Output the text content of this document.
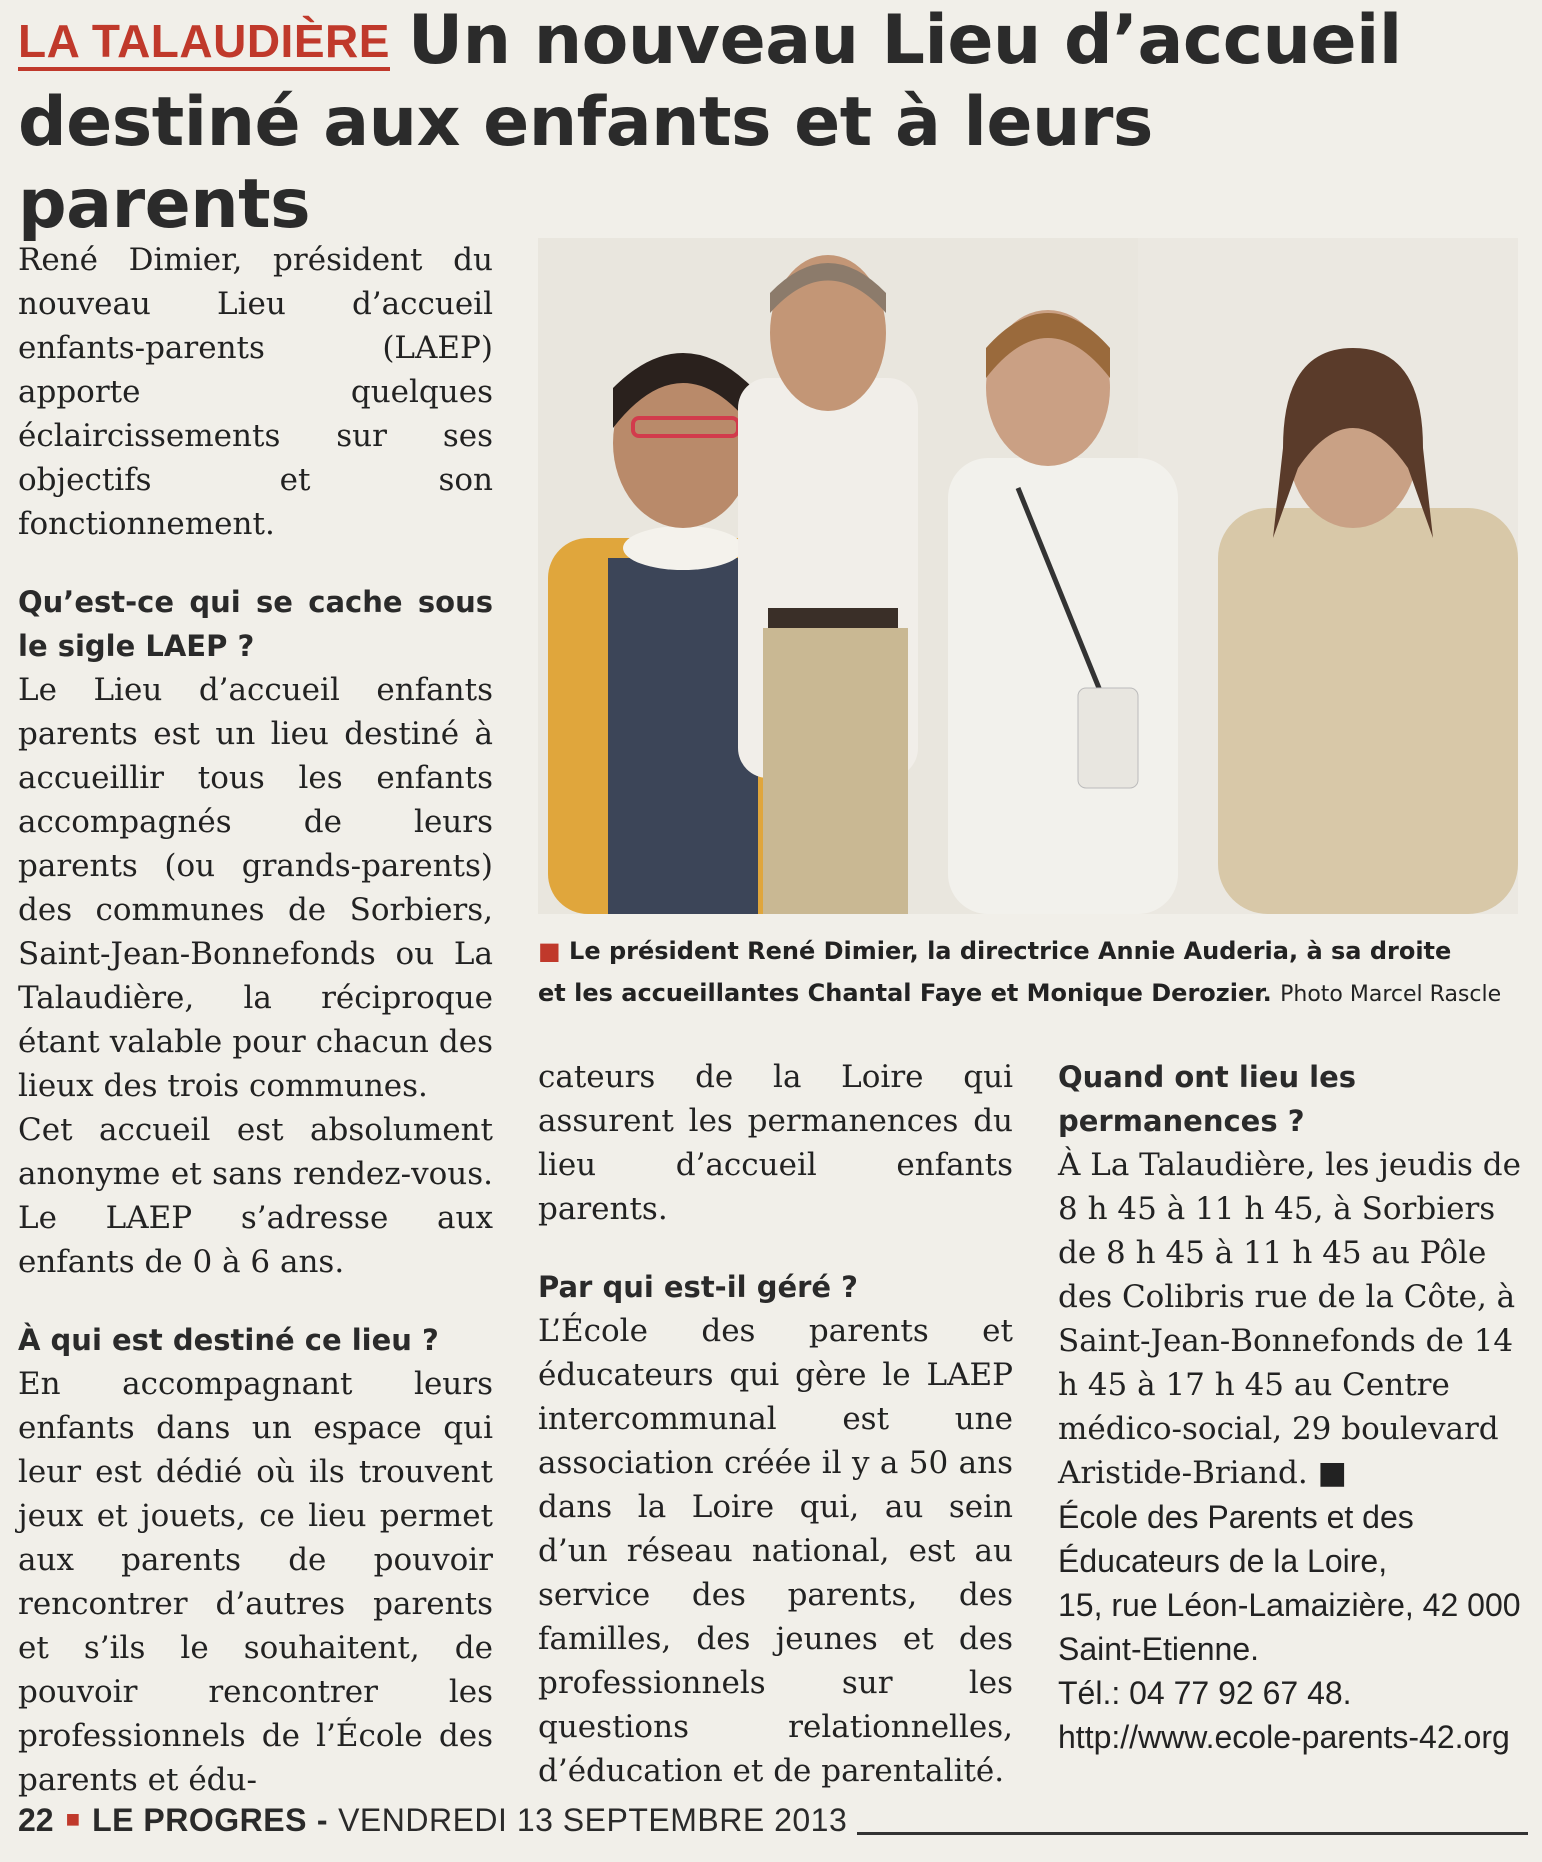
LA TALAUDIÈRE Un nouveau Lieu d’accueil
destiné aux enfants et à leurs parents

René Dimier, président du nouveau Lieu d’accueil enfants-parents (LAEP) apporte quelques éclaircissements sur ses objectifs et son fonctionnement.

Qu’est-ce qui se cache sous le sigle LAEP ?

Le Lieu d’accueil enfants parents est un lieu destiné à accueillir tous les enfants accompagnés de leurs parents (ou grands-parents) des communes de Sorbiers, Saint-Jean-Bonnefonds ou La Talaudière, la réciproque étant valable pour chacun des lieux des trois communes.

Cet accueil est absolument anonyme et sans rendez-vous. Le LAEP s’adresse aux enfants de 0 à 6 ans.

À qui est destiné ce lieu ?

En accompagnant leurs enfants dans un espace qui leur est dédié où ils trouvent jeux et jouets, ce lieu permet aux parents de pouvoir rencontrer d’autres parents et s’ils le souhaitent, de pouvoir rencontrer les professionnels de l’École des parents et édu-

■ Le président René Dimier, la directrice Annie Auderia, à sa droite
et les accueillantes Chantal Faye et Monique Derozier. Photo Marcel Rascle

cateurs de la Loire qui assurent les permanences du lieu d’accueil enfants parents.

Par qui est-il géré ?

L’École des parents et éducateurs qui gère le LAEP intercommunal est une association créée il y a 50 ans dans la Loire qui, au sein d’un réseau national, est au service des parents, des familles, des jeunes et des professionnels sur les questions relationnelles, d’éducation et de parentalité.

Quand ont lieu les permanences ?

À La Talaudière, les jeudis de 8 h 45 à 11 h 45, à Sorbiers de 8 h 45 à 11 h 45 au Pôle des Colibris rue de la Côte, à Saint-Jean-Bonnefonds de 14 h 45 à 17 h 45 au Centre médico-social, 29 boulevard Aristide-Briand. ■

École des Parents et des Éducateurs de la Loire,
15, rue Léon-Lamaizière, 42 000 Saint-Etienne.
Tél.: 04 77 92 67 48.
http://www.ecole-parents-42.org
22 ■ LE PROGRES - VENDREDI 13 SEPTEMBRE 2013
